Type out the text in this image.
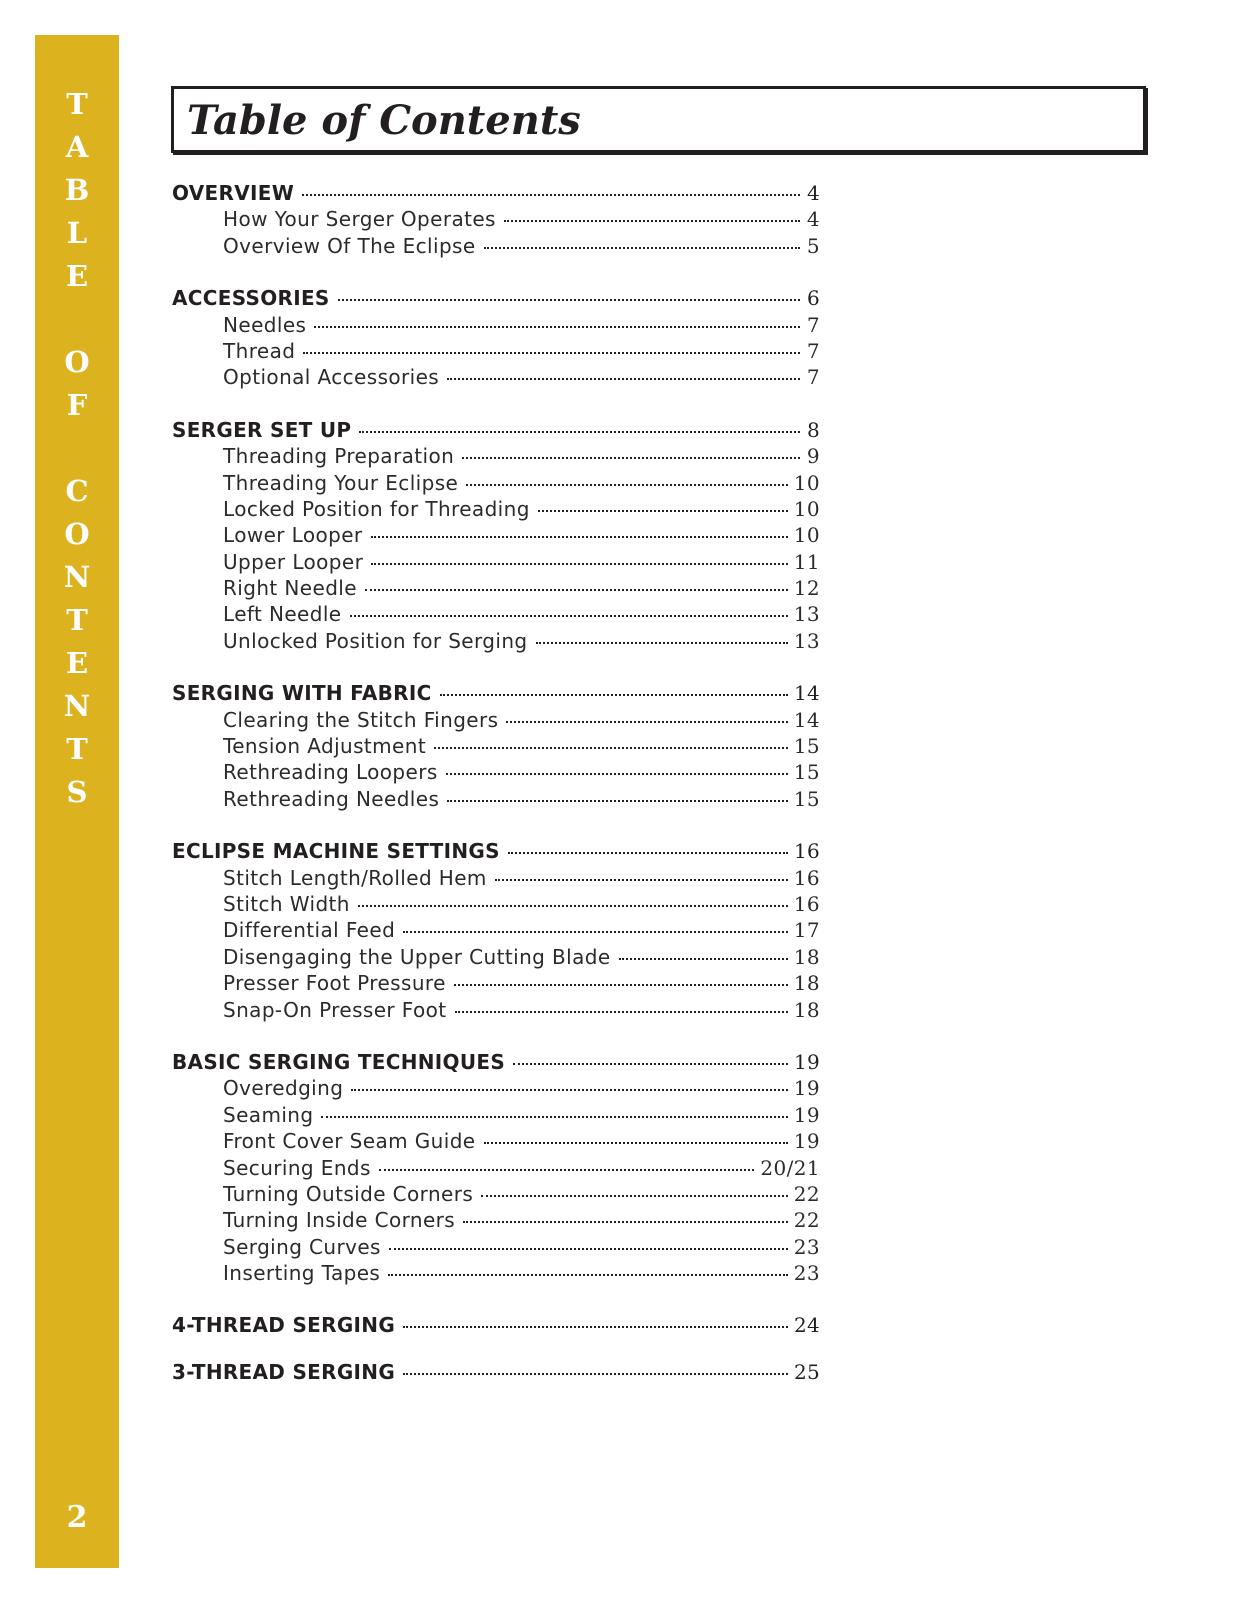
T
A
B
L
E
O
F
C
O
N
T
E
N
T
S
2
Table of Contents
OVERVIEW	4
How Your Serger Operates	4
Overview Of The Eclipse	5
ACCESSORIES	6
Needles	7
Thread	7
Optional Accessories	7
SERGER SET UP	8
Threading Preparation	9
Threading Your Eclipse	10
Locked Position for Threading	10
Lower Looper	10
Upper Looper	11
Right Needle	12
Left Needle	13
Unlocked Position for Serging	13
SERGING WITH FABRIC	14
Clearing the Stitch Fingers	14
Tension Adjustment	15
Rethreading Loopers	15
Rethreading Needles	15
ECLIPSE MACHINE SETTINGS	16
Stitch Length/Rolled Hem	16
Stitch Width	16
Differential Feed	17
Disengaging the Upper Cutting Blade	18
Presser Foot Pressure	18
Snap-On Presser Foot	18
BASIC SERGING TECHNIQUES	19
Overedging	19
Seaming	19
Front Cover Seam Guide	19
Securing Ends	20/21
Turning Outside Corners	22
Turning Inside Corners	22
Serging Curves	23
Inserting Tapes	23
4-THREAD SERGING	24
3-THREAD SERGING	25
